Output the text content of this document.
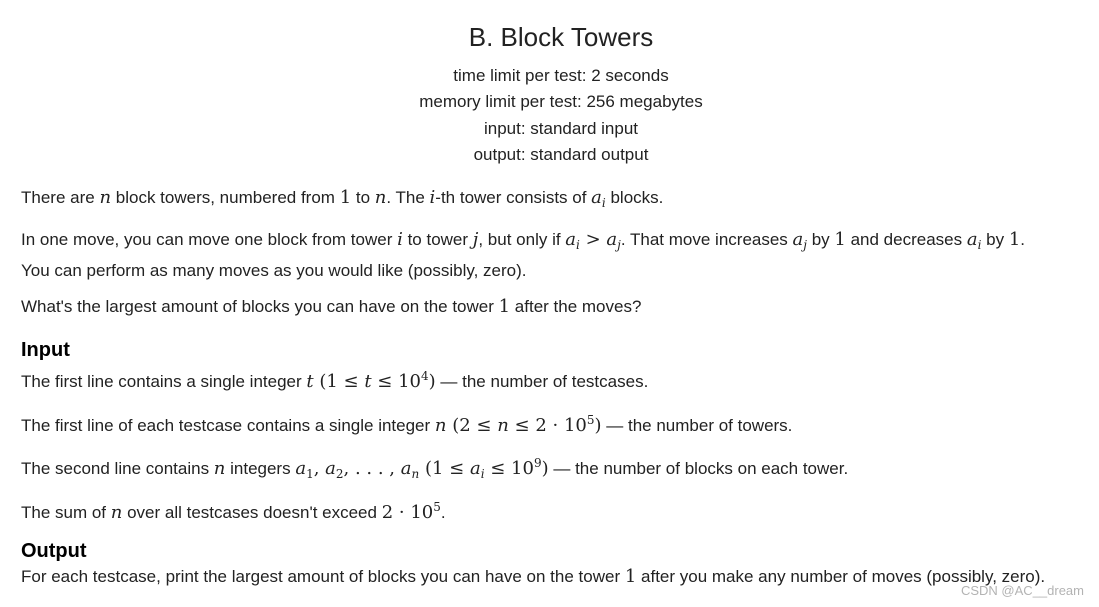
B. Block Towers
time limit per test: 2 seconds
memory limit per test: 256 megabytes
input: standard input
output: standard output
There are n block towers, numbered from 1 to n. The i-th tower consists of $a_i$ blocks.
In one move, you can move one block from tower i to tower j, but only if $a_i > a_j$. That move increases $a_j$ by 1 and decreases $a_i$ by 1.
You can perform as many moves as you would like (possibly, zero).
What's the largest amount of blocks you can have on the tower 1 after the moves?
Input
The first line contains a single integer t $(1 \le t \le 10^4)$ — the number of testcases.
The first line of each testcase contains a single integer n $(2 \le n \le 2 \cdot 10^5)$ — the number of towers.
The second line contains n integers $a_1$, $a_2$, . . . , $a_n$ $(1 \le a_i \le 10^9)$ — the number of blocks on each tower.
The sum of n over all testcases doesn't exceed $2 \cdot 10^5$.
Output
For each testcase, print the largest amount of blocks you can have on the tower 1 after you make any number of moves (possibly, zero).
CSDN @AC__dream
